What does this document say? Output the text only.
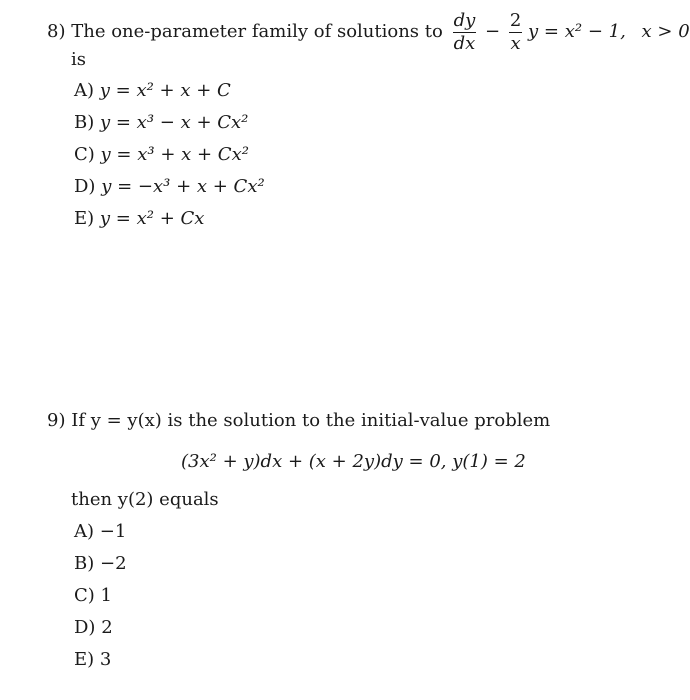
8) The one-parameter family of solutions to $\frac{dy}{dx} - \frac{2}{x}$ y = x² − 1, x > 0
is
A) y = x² + x + C
B) y = x³ − x + Cx²
C) y = x³ + x + Cx²
D) y = −x³ + x + Cx²
E) y = x² + Cx
9) If y = y(x) is the solution to the initial-value problem
(3x² + y)dx + (x + 2y)dy = 0, y(1) = 2
then y(2) equals
A) −1
B) −2
C) 1
D) 2
E) 3
